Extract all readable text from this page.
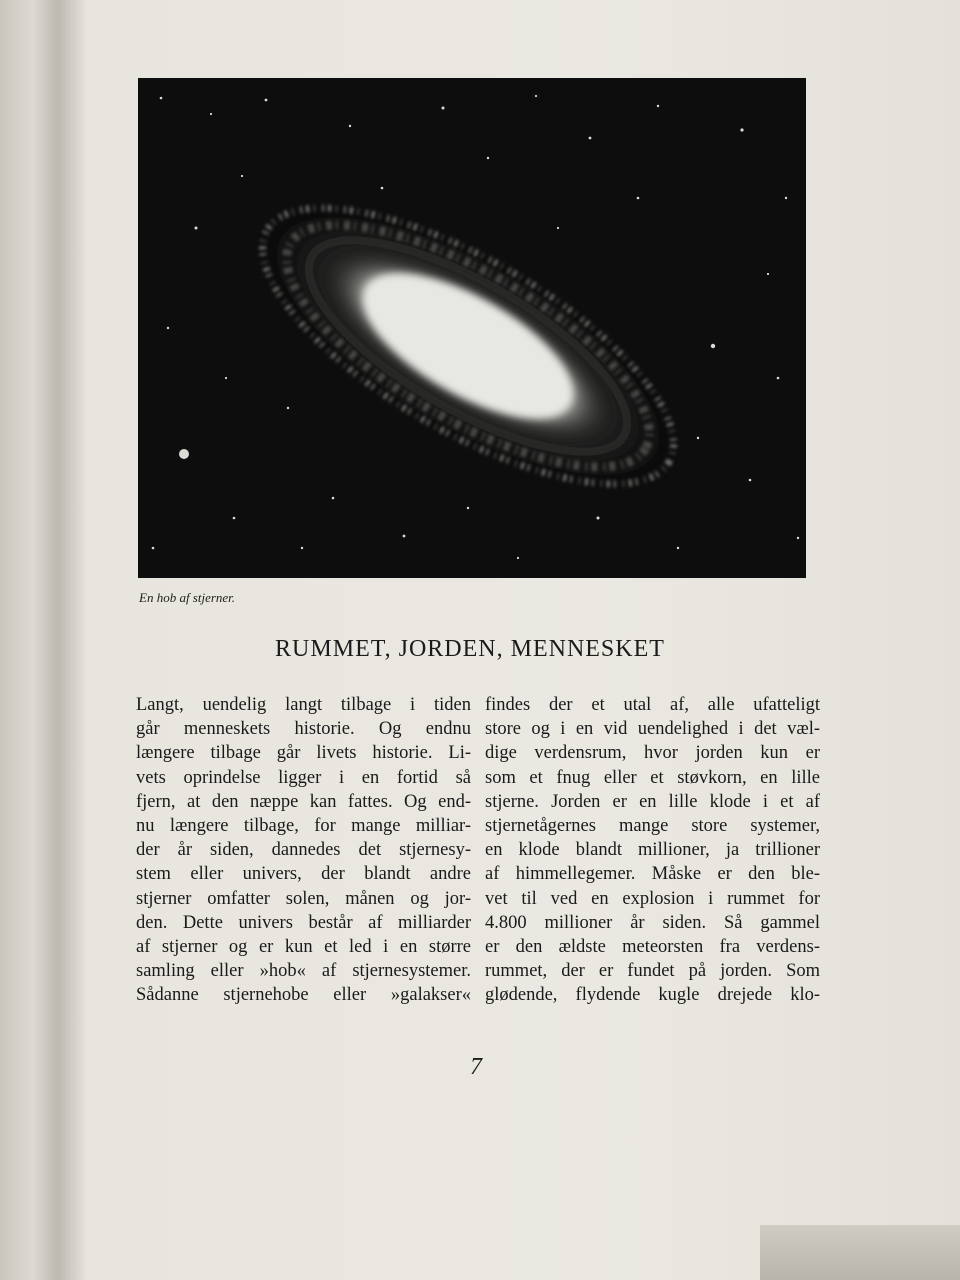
En hob af stjerner.
RUMMET, JORDEN, MENNESKET
Langt, uendelig langt tilbage i tiden
går menneskets historie. Og endnu
længere tilbage går livets historie. Li-
vets oprindelse ligger i en fortid så
fjern, at den næppe kan fattes. Og end-
nu længere tilbage, for mange milliar-
der år siden, dannedes det stjernesy-
stem eller univers, der blandt andre
stjerner omfatter solen, månen og jor-
den. Dette univers består af milliarder
af stjerner og er kun et led i en større
samling eller »hob« af stjernesystemer.
Sådanne stjernehobe eller »galakser«
findes der et utal af, alle ufatteligt
store og i en vid uendelighed i det væl-
dige verdensrum, hvor jorden kun er
som et fnug eller et støvkorn, en lille
stjerne. Jorden er en lille klode i et af
stjernetågernes mange store systemer,
en klode blandt millioner, ja trillioner
af himmellegemer. Måske er den ble-
vet til ved en explosion i rummet for
4.800 millioner år siden. Så gammel
er den ældste meteorsten fra verdens-
rummet, der er fundet på jorden. Som
glødende, flydende kugle drejede klo-
7
